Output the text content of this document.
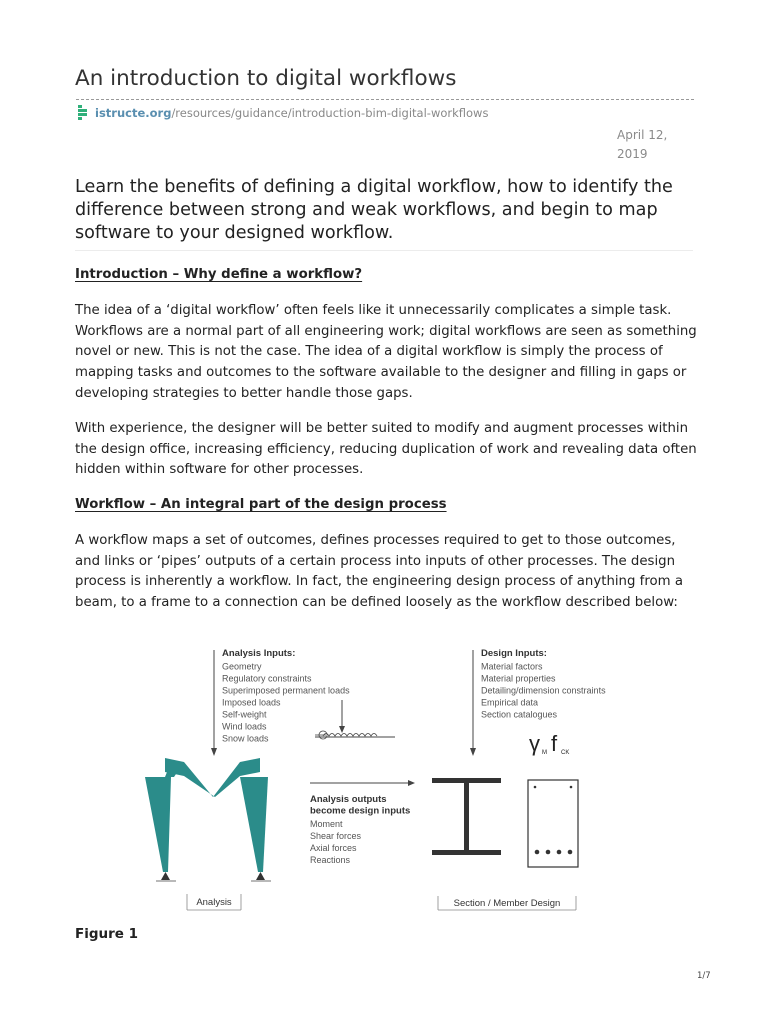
An introduction to digital workflows
istructe.org/resources/guidance/introduction-bim-digital-workflows
April 12, 2019

Learn the benefits of defining a digital workflow, how to identify the difference between strong and weak workflows, and begin to map software to your designed workflow.

Introduction – Why define a workflow?

The idea of a ‘digital workflow’ often feels like it unnecessarily complicates a simple task. Workflows are a normal part of all engineering work; digital workflows are seen as something novel or new. This is not the case. The idea of a digital workflow is simply the process of mapping tasks and outcomes to the software available to the designer and filling in gaps or developing strategies to better handle those gaps.

With experience, the designer will be better suited to modify and augment processes within the design office, increasing efficiency, reducing duplication of work and revealing data often hidden within software for other processes.

Workflow – An integral part of the design process

A workflow maps a set of outcomes, defines processes required to get to those outcomes, and links or ‘pipes’ outputs of a certain process into inputs of other processes. The design process is inherently a workflow. In fact, the engineering design process of anything from a beam, to a frame to a connection can be defined loosely as the workflow described below:

Analysis Inputs:
Geometry
Regulatory constraints
Superimposed permanent loads
Imposed loads
Self-weight
Wind loads
Snow loads
Analysis
Analysis outputs
become design inputs
Moment
Shear forces
Axial forces
Reactions
Design Inputs:
Material factors
Material properties
Detailing/dimension constraints
Empirical data
Section catalogues
γ M f CK
Section / Member Design

Figure 1

1/7
